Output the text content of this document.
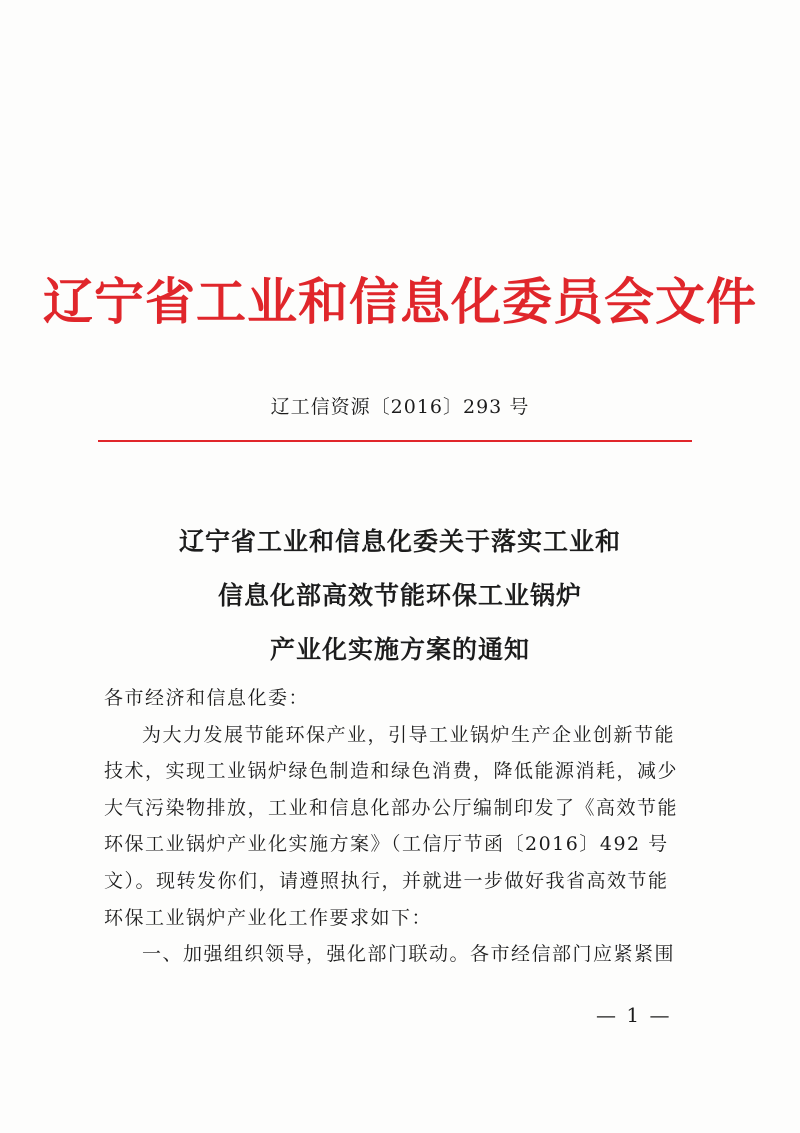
辽宁省工业和信息化委员会文件
辽工信资源〔2016〕293 号
辽宁省工业和信息化委关于落实工业和
信息化部高效节能环保工业锅炉
产业化实施方案的通知
各市经济和信息化委：
为大力发展节能环保产业，引导工业锅炉生产企业创新节能
技术，实现工业锅炉绿色制造和绿色消费，降低能源消耗，减少
大气污染物排放，工业和信息化部办公厅编制印发了《高效节能
环保工业锅炉产业化实施方案》（工信厅节函〔2016〕492 号
文）。现转发你们，请遵照执行，并就进一步做好我省高效节能
环保工业锅炉产业化工作要求如下：
一、加强组织领导，强化部门联动。各市经信部门应紧紧围
— 1 —
